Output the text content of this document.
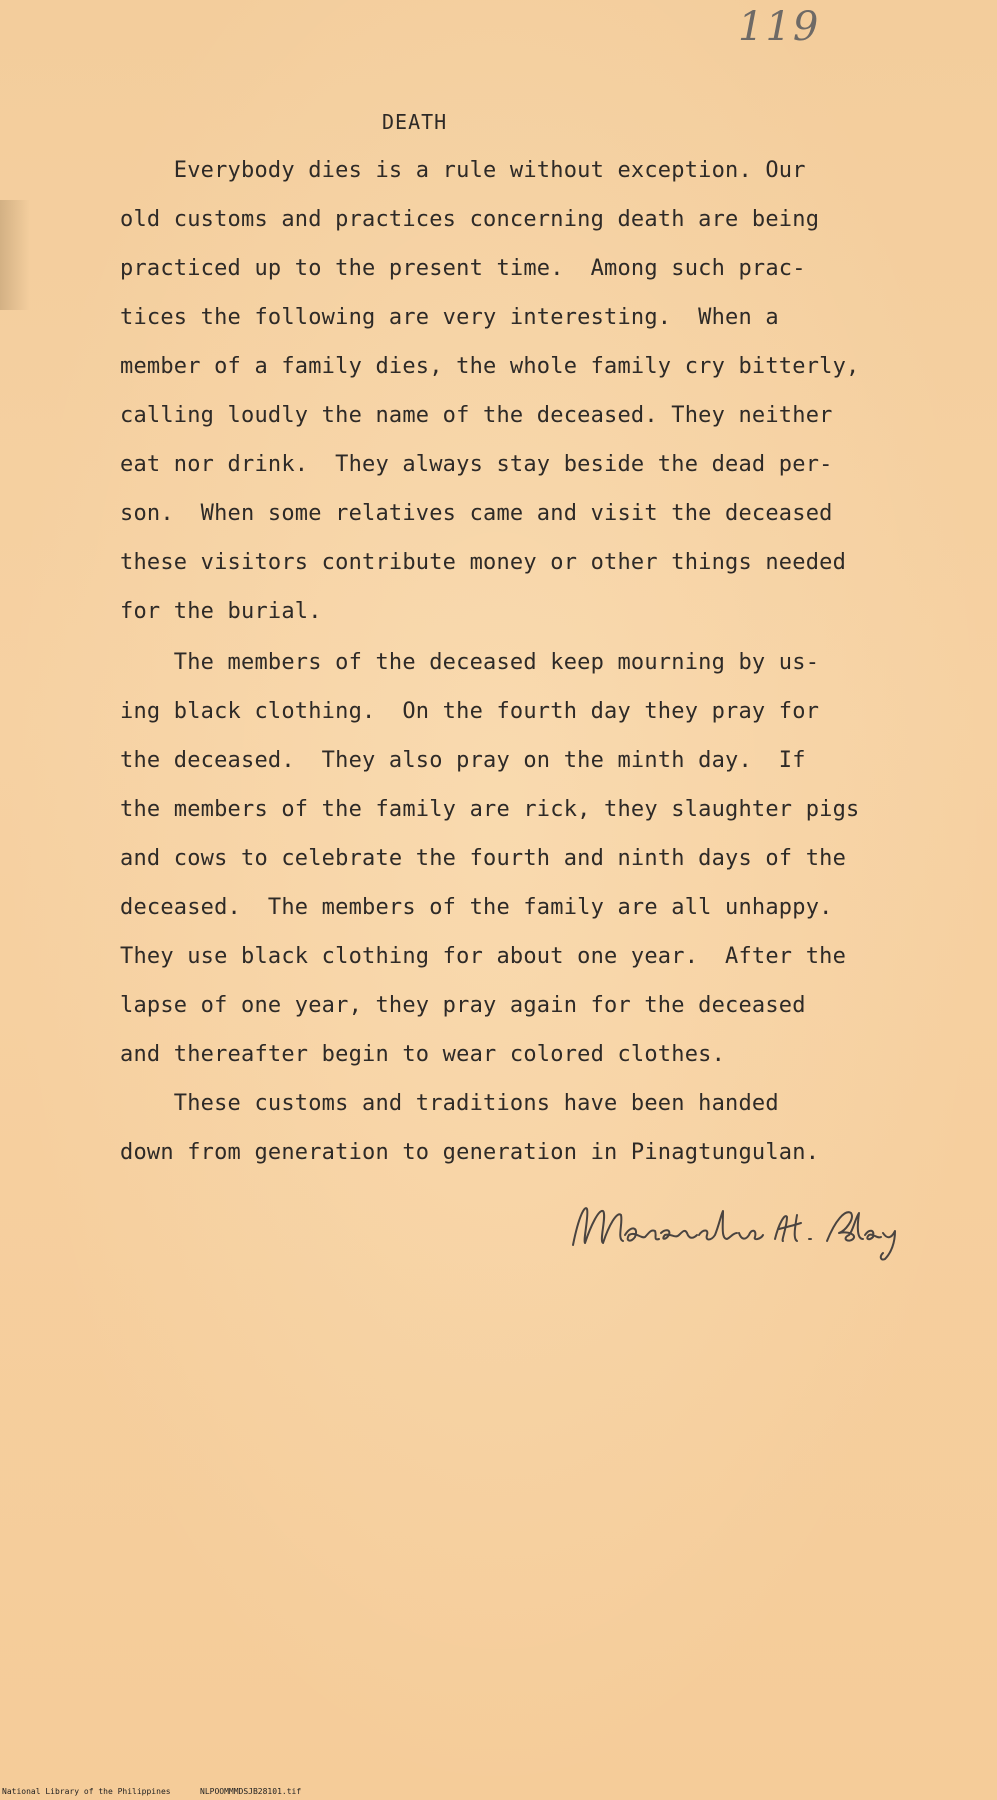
119
DEATH
Everybody dies is a rule without exception. Our
old customs and practices concerning death are being
practiced up to the present time.  Among such prac-
tices the following are very interesting.  When a
member of a family dies, the whole family cry bitterly,
calling loudly the name of the deceased. They neither
eat nor drink.  They always stay beside the dead per-
son.  When some relatives came and visit the deceased
these visitors contribute money or other things needed
for the burial.
The members of the deceased keep mourning by us-
ing black clothing.  On the fourth day they pray for
the deceased.  They also pray on the minth day.  If
the members of the family are rick, they slaughter pigs
and cows to celebrate the fourth and ninth days of the
deceased.  The members of the family are all unhappy.
They use black clothing for about one year.  After the
lapse of one year, they pray again for the deceased
and thereafter begin to wear colored clothes.
These customs and traditions have been handed
down from generation to generation in Pinagtungulan.
National Library of the Philippines	NLPOOMMMDSJB28101.tif
